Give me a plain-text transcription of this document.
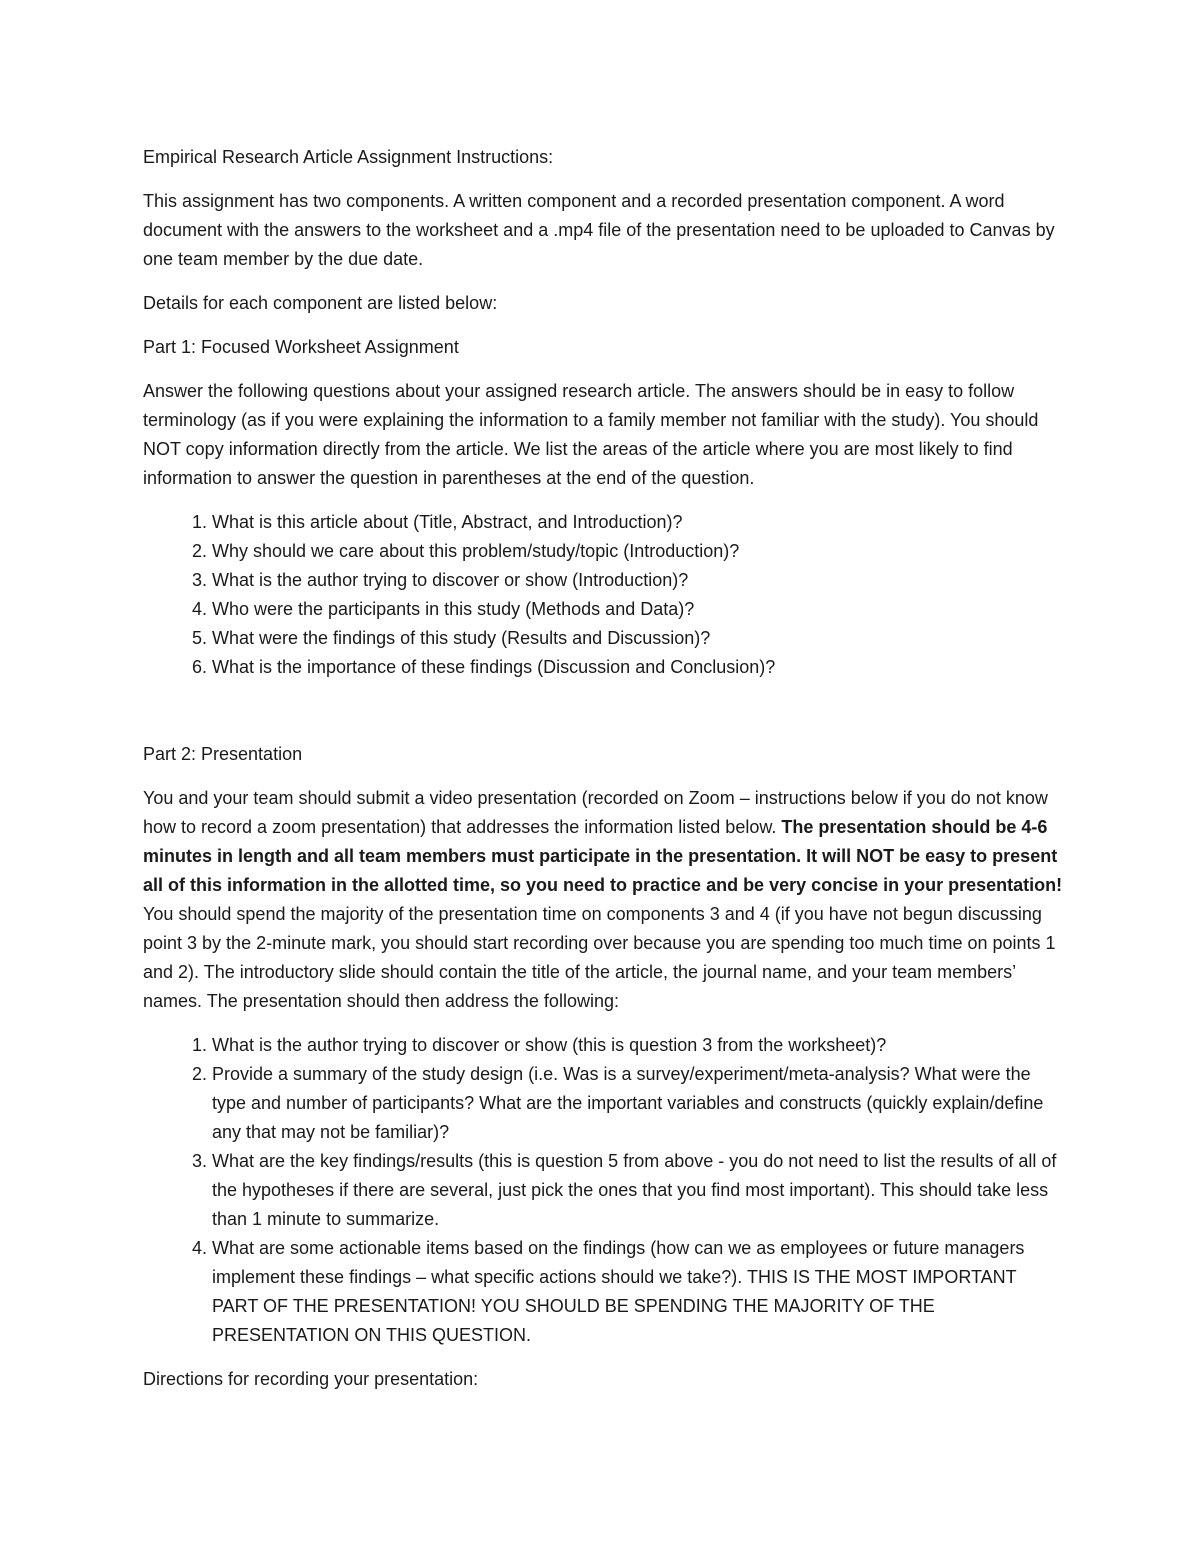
Empirical Research Article Assignment Instructions:

This assignment has two components. A written component and a recorded presentation component. A word document with the answers to the worksheet and a .mp4 file of the presentation need to be uploaded to Canvas by one team member by the due date.

Details for each component are listed below:

Part 1: Focused Worksheet Assignment

Answer the following questions about your assigned research article. The answers should be in easy to follow terminology (as if you were explaining the information to a family member not familiar with the study). You should NOT copy information directly from the article. We list the areas of the article where you are most likely to find information to answer the question in parentheses at the end of the question.

1. What is this article about (Title, Abstract, and Introduction)?
2. Why should we care about this problem/study/topic (Introduction)?
3. What is the author trying to discover or show (Introduction)?
4. Who were the participants in this study (Methods and Data)?
5. What were the findings of this study (Results and Discussion)?
6. What is the importance of these findings (Discussion and Conclusion)?

Part 2: Presentation

You and your team should submit a video presentation (recorded on Zoom – instructions below if you do not know how to record a zoom presentation) that addresses the information listed below. The presentation should be 4-6 minutes in length and all team members must participate in the presentation. It will NOT be easy to present all of this information in the allotted time, so you need to practice and be very concise in your presentation! You should spend the majority of the presentation time on components 3 and 4 (if you have not begun discussing point 3 by the 2-minute mark, you should start recording over because you are spending too much time on points 1 and 2). The introductory slide should contain the title of the article, the journal name, and your team members’ names. The presentation should then address the following:

1. What is the author trying to discover or show (this is question 3 from the worksheet)?
2. Provide a summary of the study design (i.e. Was is a survey/experiment/meta-analysis? What were the type and number of participants? What are the important variables and constructs (quickly explain/define any that may not be familiar)?
3. What are the key findings/results (this is question 5 from above - you do not need to list the results of all of the hypotheses if there are several, just pick the ones that you find most important). This should take less than 1 minute to summarize.
4. What are some actionable items based on the findings (how can we as employees or future managers implement these findings – what specific actions should we take?). THIS IS THE MOST IMPORTANT PART OF THE PRESENTATION! YOU SHOULD BE SPENDING THE MAJORITY OF THE PRESENTATION ON THIS QUESTION.

Directions for recording your presentation:
